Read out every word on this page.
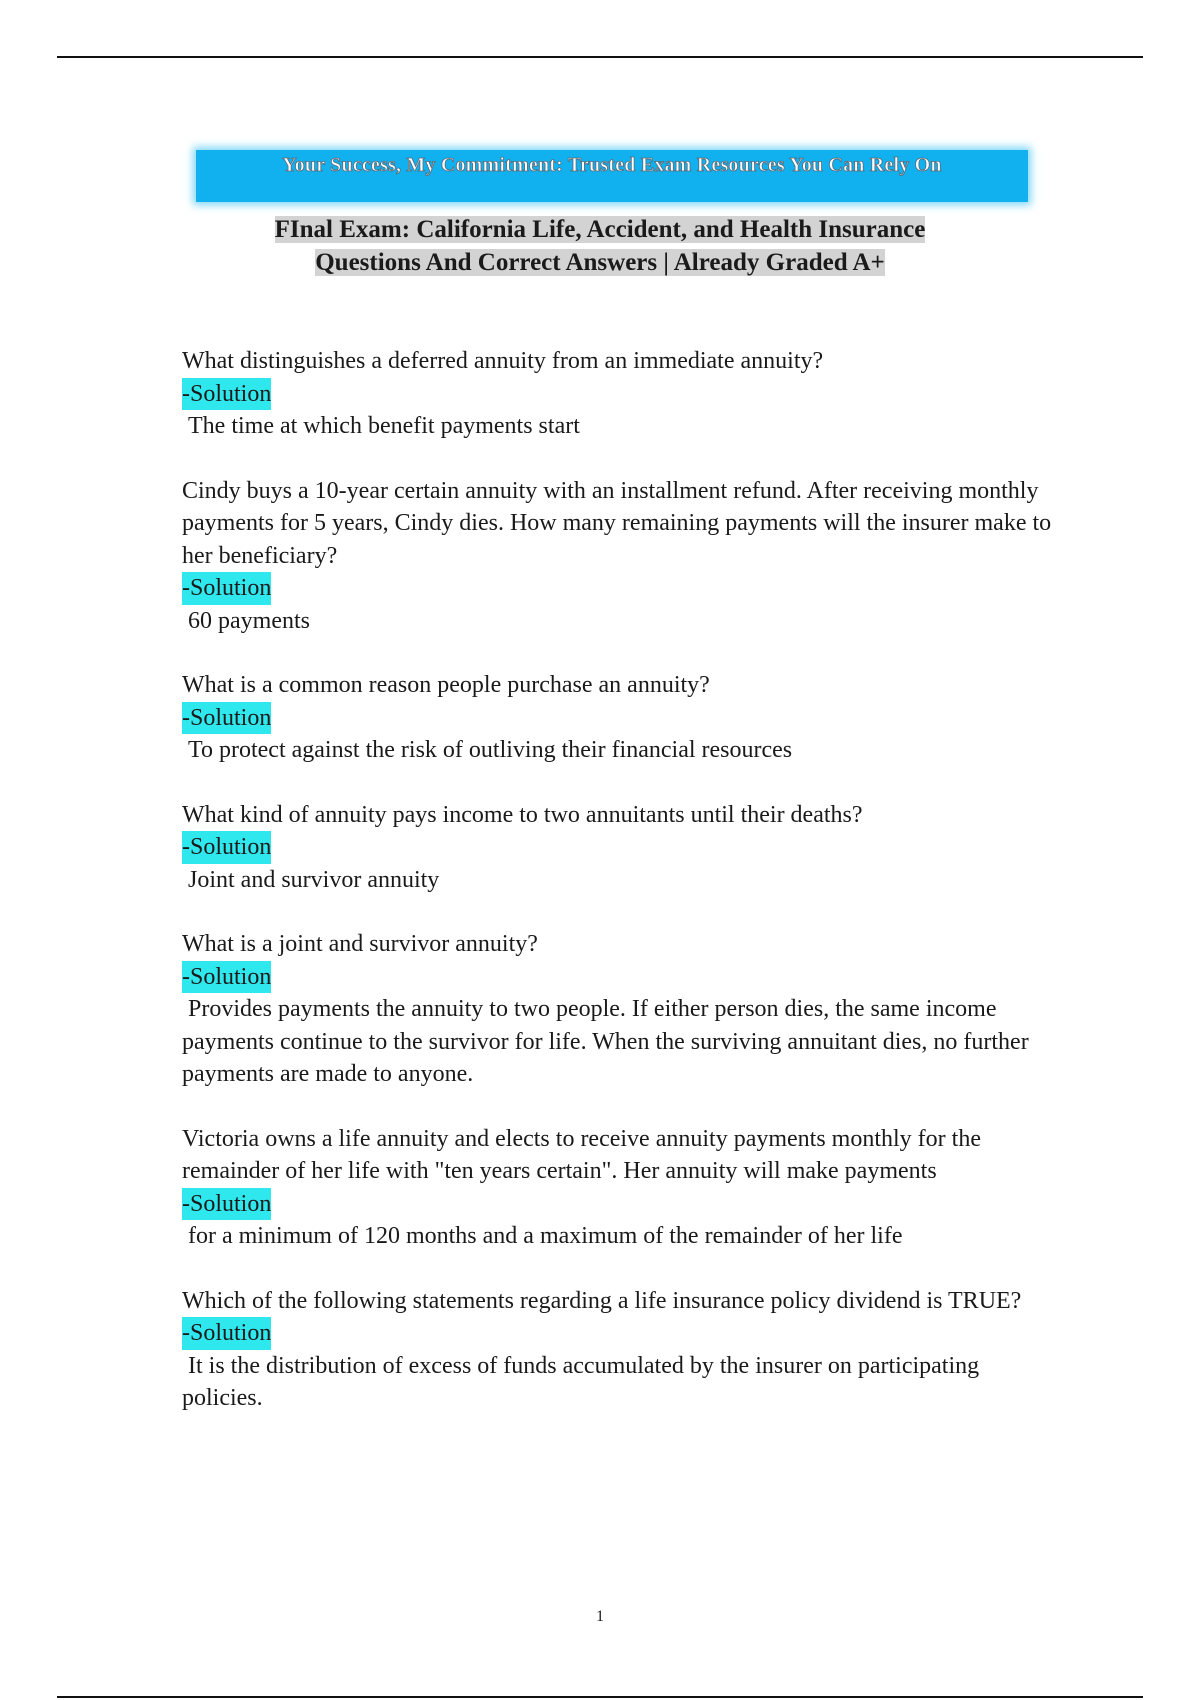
Your Success, My Commitment: Trusted Exam Resources You Can Rely On
FInal Exam: California Life, Accident, and Health Insurance
Questions And Correct Answers | Already Graded A+
What distinguishes a deferred annuity from an immediate annuity?
-Solution
The time at which benefit payments start
Cindy buys a 10-year certain annuity with an installment refund. After receiving monthly payments for 5 years, Cindy dies. How many remaining payments will the insurer make to her beneficiary?
-Solution
60 payments
What is a common reason people purchase an annuity?
-Solution
To protect against the risk of outliving their financial resources
What kind of annuity pays income to two annuitants until their deaths?
-Solution
Joint and survivor annuity
What is a joint and survivor annuity?
-Solution
Provides payments the annuity to two people. If either person dies, the same income payments continue to the survivor for life. When the surviving annuitant dies, no further payments are made to anyone.
Victoria owns a life annuity and elects to receive annuity payments monthly for the remainder of her life with "ten years certain". Her annuity will make payments
-Solution
for a minimum of 120 months and a maximum of the remainder of her life
Which of the following statements regarding a life insurance policy dividend is TRUE?
-Solution
It is the distribution of excess of funds accumulated by the insurer on participating policies.
1
